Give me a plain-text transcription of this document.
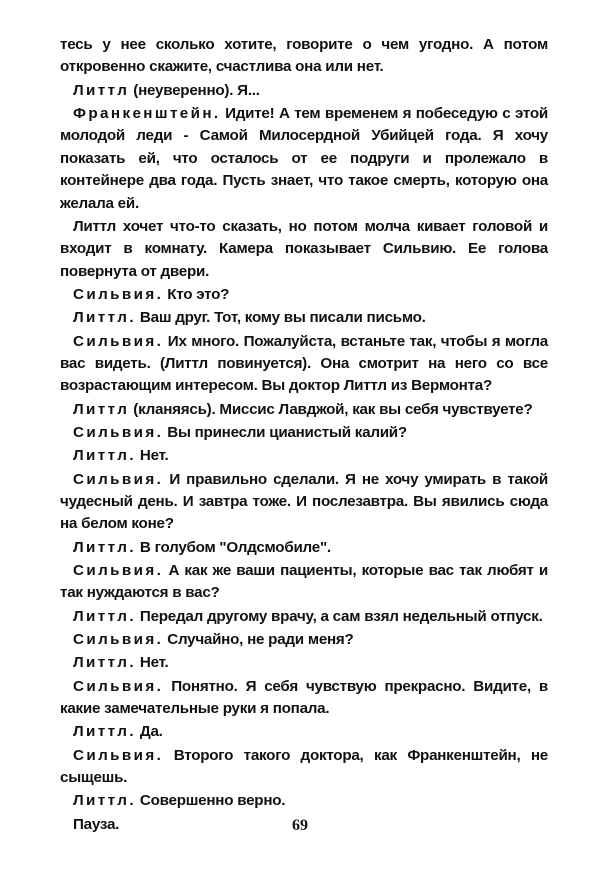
тесь у нее сколько хотите, говорите о чем угодно. А потом откровенно скажите, счастлива она или нет.

Литтл (неуверенно). Я...

Франкенштейн. Идите! А тем временем я побеседую с этой молодой леди - Самой Милосердной Убийцей года. Я хочу показать ей, что осталось от ее подруги и пролежало в контейнере два года. Пусть знает, что такое смерть, которую она желала ей.

Литтл хочет что-то сказать, но потом молча кивает головой и входит в комнату. Камера показывает Сильвию. Ее голова повернута от двери.

Сильвия. Кто это?

Литтл. Ваш друг. Тот, кому вы писали письмо.

Сильвия. Их много. Пожалуйста, встаньте так, чтобы я могла вас видеть. (Литтл повинуется). Она смотрит на него со все возрастающим интересом. Вы доктор Литтл из Вермонта?

Литтл (кланяясь). Миссис Лавджой, как вы себя чувствуете?

Сильвия. Вы принесли цианистый калий?

Литтл. Нет.

Сильвия. И правильно сделали. Я не хочу умирать в такой чудесный день. И завтра тоже. И послезавтра. Вы явились сюда на белом коне?

Литтл. В голубом "Олдсмобиле".

Сильвия. А как же ваши пациенты, которые вас так любят и так нуждаются в вас?

Литтл. Передал другому врачу, а сам взял недельный отпуск.

Сильвия. Случайно, не ради меня?

Литтл. Нет.

Сильвия. Понятно. Я себя чувствую прекрасно. Видите, в какие замечательные руки я попала.

Литтл. Да.

Сильвия. Второго такого доктора, как Франкенштейн, не сыщешь.

Литтл. Совершенно верно.

Пауза.	69
